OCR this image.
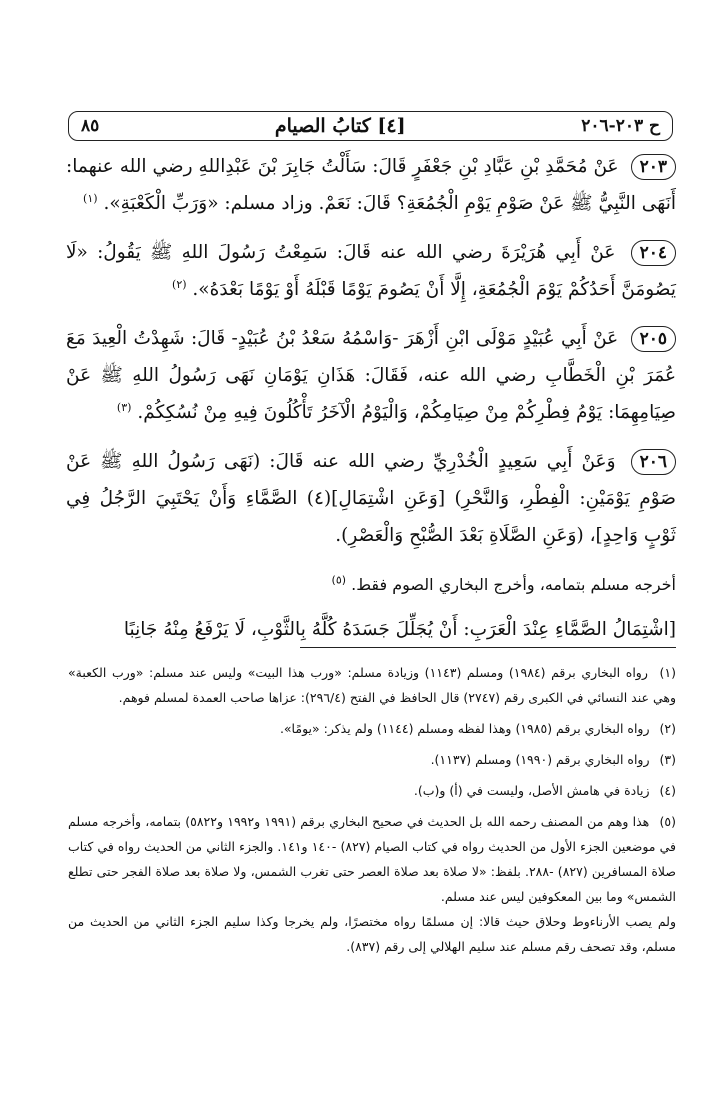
ح ٢٠٣-٢٠٦
[٤] كتابُ الصيام
٨٥

٢٠٣ عَنْ مُحَمَّدِ بْنِ عَبَّادِ بْنِ جَعْفَرٍ قَالَ: سَأَلْتُ جَابِرَ بْنَ عَبْدِاللهِ رضي الله عنهما: أَنَهَى النَّبِيُّ ﷺ عَنْ صَوْمِ يَوْمِ الْجُمُعَةِ؟ قَالَ: نَعَمْ. وزاد مسلم: «وَرَبِّ الْكَعْبَةِ». $^{(١)}$

٢٠٤ عَنْ أَبِي هُرَيْرَةَ رضي الله عنه قَالَ: سَمِعْتُ رَسُولَ اللهِ ﷺ يَقُولُ: «لَا يَصُومَنَّ أَحَدُكُمْ يَوْمَ الْجُمُعَةِ، إِلَّا أَنْ يَصُومَ يَوْمًا قَبْلَهُ أَوْ يَوْمًا بَعْدَهُ». $^{(٢)}$

٢٠٥ عَنْ أَبِي عُبَيْدٍ مَوْلَى ابْنِ أَزْهَرَ -وَاسْمُهُ سَعْدُ بْنُ عُبَيْدٍ- قَالَ: شَهِدْتُ الْعِيدَ مَعَ عُمَرَ بْنِ الْخَطَّابِ رضي الله عنه، فَقَالَ: هَذَانِ يَوْمَانِ نَهَى رَسُولُ اللهِ ﷺ عَنْ صِيَامِهِمَا: يَوْمُ فِطْرِكُمْ مِنْ صِيَامِكُمْ، وَالْيَوْمُ الْآخَرُ تَأْكُلُونَ فِيهِ مِنْ نُسُكِكُمْ. $^{(٣)}$

٢٠٦ وَعَنْ أَبِي سَعِيدٍ الْخُدْرِيِّ رضي الله عنه قَالَ: (نَهَى رَسُولُ اللهِ ﷺ عَنْ صَوْمِ يَوْمَيْنِ: الْفِطْرِ، وَالنَّحْرِ) [وَعَنِ اشْتِمَالِ](٤) الصَّمَّاءِ وَأَنْ يَحْتَبِيَ الرَّجُلُ فِي ثَوْبٍ وَاحِدٍ]، (وَعَنِ الصَّلَاةِ بَعْدَ الصُّبْحِ وَالْعَصْرِ).

أخرجه مسلم بتمامه، وأخرج البخاري الصوم فقط. $^{(٥)}$

[اشْتِمَالُ الصَّمَّاءِ عِنْدَ الْعَرَبِ: أَنْ يُجَلِّلَ جَسَدَهُ كُلَّهُ بِالثَّوْبِ، لَا يَرْفَعُ مِنْهُ جَانِبًا

(١) رواه البخاري برقم (١٩٨٤) ومسلم (١١٤٣) وزيادة مسلم: «ورب هذا البيت» وليس عند مسلم: «ورب الكعبة» وهي عند النسائي في الكبرى رقم (٢٧٤٧) قال الحافظ في الفتح (٢٩٦/٤): عزاها صاحب العمدة لمسلم فوهم.

(٢) رواه البخاري برقم (١٩٨٥) وهذا لفظه ومسلم (١١٤٤) ولم يذكر: «يومًا».

(٣) رواه البخاري برقم (١٩٩٠) ومسلم (١١٣٧).

(٤) زيادة في هامش الأصل، وليست في (أ) و(ب).

(٥) هذا وهم من المصنف رحمه الله بل الحديث في صحيح البخاري برقم (١٩٩١ و١٩٩٢ و٥٨٢٢) بتمامه، وأخرجه مسلم في موضعين الجزء الأول من الحديث رواه في كتاب الصيام (٨٢٧) -١٤٠ و١٤١. والجزء الثاني من الحديث رواه في كتاب صلاة المسافرين (٨٢٧) -٢٨٨. بلفظ: «لا صلاة بعد صلاة العصر حتى تغرب الشمس، ولا صلاة بعد صلاة الفجر حتى تطلع الشمس» وما بين المعكوفين ليس عند مسلم.
ولم يصب الأرناءوط وحلاق حيث قالا: إن مسلمًا رواه مختصرًا، ولم يخرجا وكذا سليم الجزء الثاني من الحديث من مسلم، وقد تصحف رقم مسلم عند سليم الهلالي إلى رقم (٨٣٧).
